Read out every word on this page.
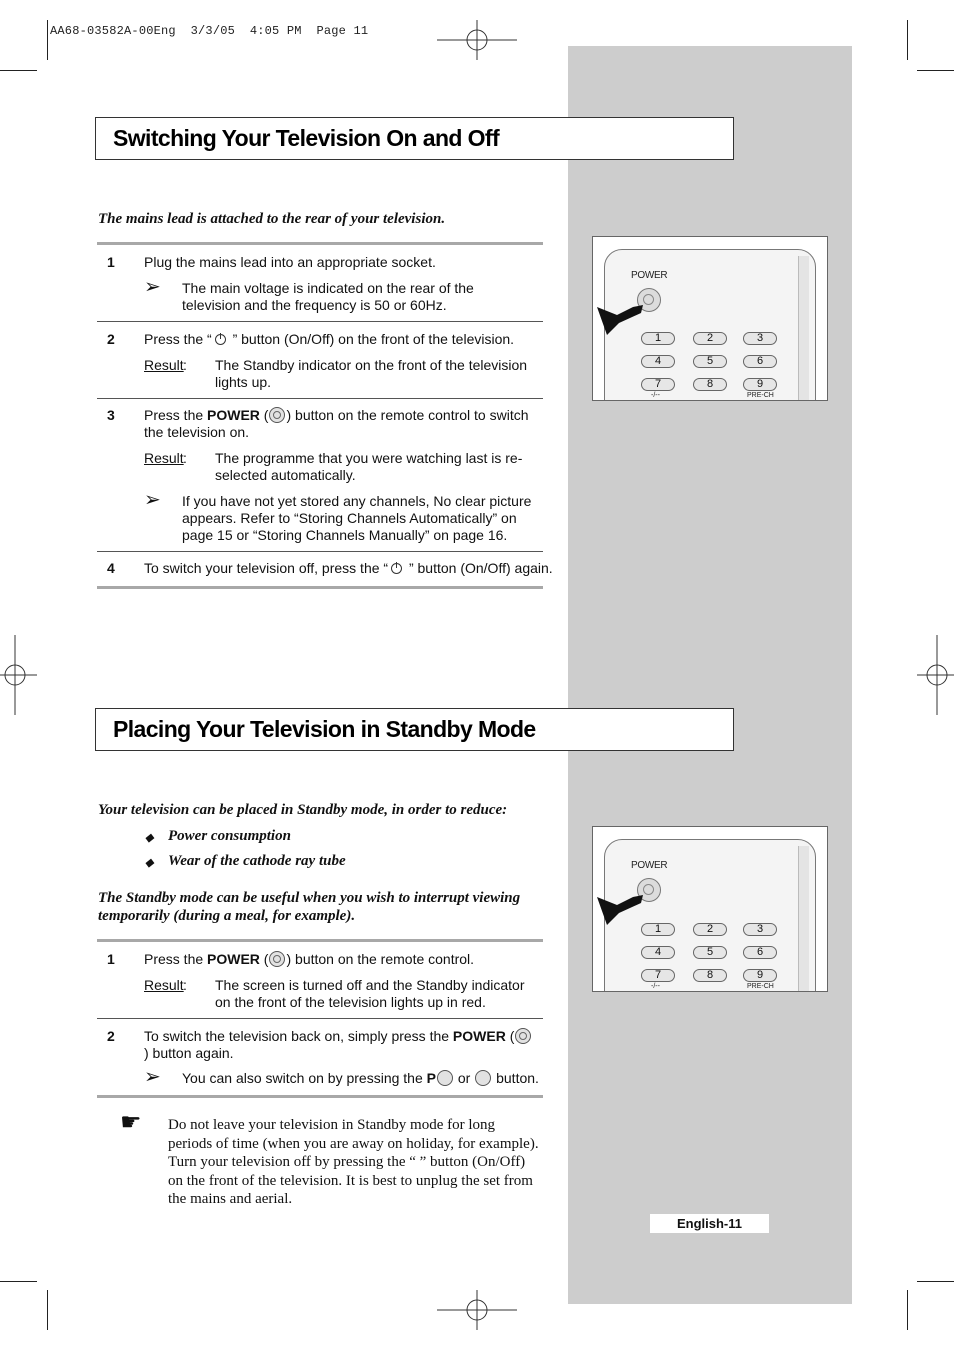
AA68-03582A-00Eng  3/3/05  4:05 PM  Page 11
Switching Your Television On and Off
The mains lead is attached to the rear of your television.
1 Plug the mains lead into an appropriate socket.
➢ The main voltage is indicated on the rear of the television and the frequency is 50 or 60Hz.
2 Press the “ ” button (On/Off) on the front of the television.
Result : The Standby indicator on the front of the television lights up.
3 Press the POWER ( ) button on the remote control to switch the television on.
Result : The programme that you were watching last is re-selected automatically.
➢ If you have not yet stored any channels, No clear picture appears. Refer to “Storing Channels Automatically” on page 15 or “Storing Channels Manually” on page 16.
4 To switch your television off, press the “ ” button (On/Off) again.
POWER
1	2	3
4	5	6
7	8	9
-/--	PRE-CH
Placing Your Television in Standby Mode
Your television can be placed in Standby mode, in order to reduce:
◆ Power consumption
◆ Wear of the cathode ray tube
The Standby mode can be useful when you wish to interrupt viewing temporarily (during a meal, for example).
1 Press the POWER ( ) button on the remote control.
Result : The screen is turned off and the Standby indicator on the front of the television lights up in red.
2 To switch the television back on, simply press the POWER () button again.
➢ You can also switch on by pressing the P or  button.
☛ Do not leave your television in Standby mode for long periods of time (when you are away on holiday, for example). Turn your television off by pressing the “ ” button (On/Off) on the front of the television. It is best to unplug the set from the mains and aerial.
POWER
1	2	3
4	5	6
7	8	9
-/--	PRE-CH
English-11
